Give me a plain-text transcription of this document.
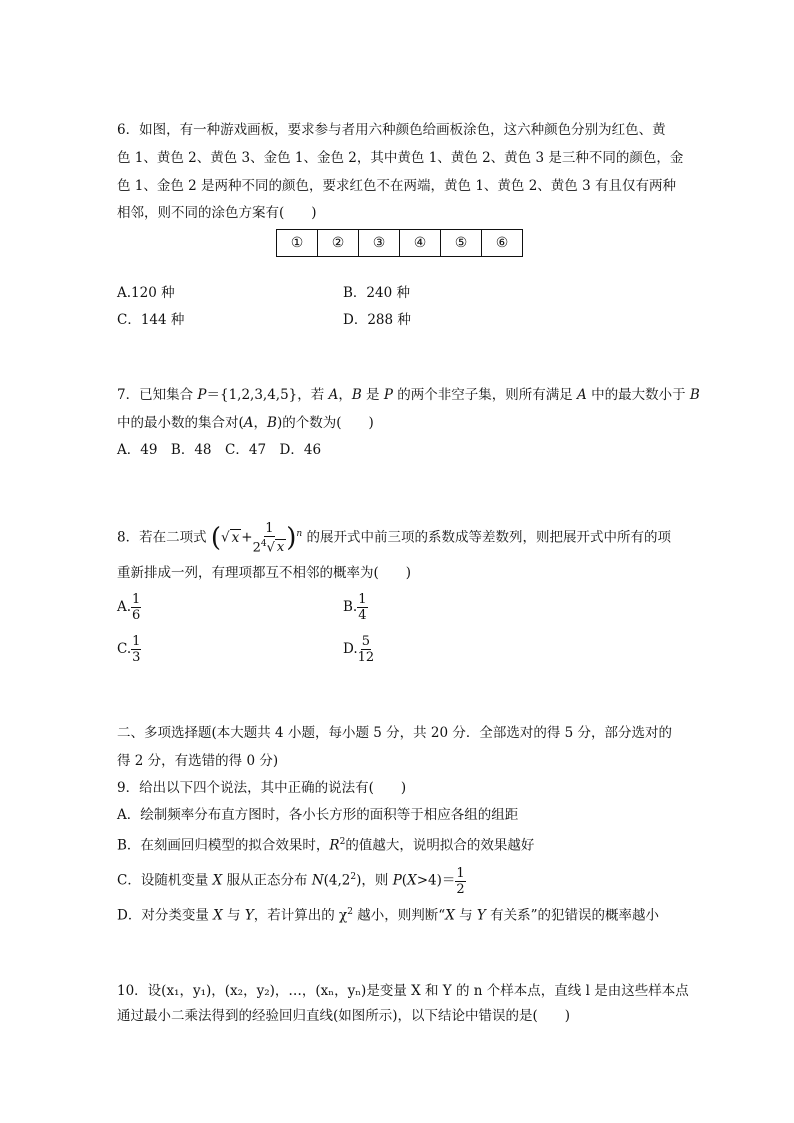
6．如图，有一种游戏画板，要求参与者用六种颜色给画板涂色，这六种颜色分别为红色、黄
色 1、黄色 2、黄色 3、金色 1、金色 2，其中黄色 1、黄色 2、黄色 3 是三种不同的颜色，金
色 1、金色 2 是两种不同的颜色，要求红色不在两端，黄色 1、黄色 2、黄色 3 有且仅有两种
相邻，则不同的涂色方案有(　　)
①	②	③	④	⑤	⑥
A.120 种	B．240 种
C．144 种	D．288 种
7．已知集合 P＝{1,2,3,4,5}，若 A，B 是 P 的两个非空子集，则所有满足 A 中的最大数小于 B
中的最小数的集合对(A，B)的个数为(　　)
A．49　B．48　C．47　D．46
8．若在二项式 (√ $x + \frac{1}{2^4√ x} )^n$ 的展开式中前三项的系数成等差数列，则把展开式中所有的项
重新排成一列，有理项都互不相邻的概率为(　　)
A. $\frac{1}{6}$	B. $\frac{1}{4}$
C. $\frac{1}{3}$	D. $\frac{5}{12}$
二、多项选择题(本大题共 4 小题，每小题 5 分，共 20 分．全部选对的得 5 分，部分选对的
得 2 分，有选错的得 0 分)
9．给出以下四个说法，其中正确的说法有(　　)
A．绘制频率分布直方图时，各小长方形的面积等于相应各组的组距
B．在刻画回归模型的拟合效果时，$R^2$的值越大，说明拟合的效果越好
C．设随机变量 X 服从正态分布 $N(4,2^2)$，则 $P(X>4)= \frac{1}{2}$
D．对分类变量 X 与 Y，若计算出的 $\chi^2$ 越小，则判断“X 与 Y 有关系”的犯错误的概率越小
10．设(x₁，y₁)，(x₂，y₂)，…，(xₙ，yₙ)是变量 X 和 Y 的 n 个样本点，直线 l 是由这些样本点
通过最小二乘法得到的经验回归直线(如图所示)，以下结论中错误的是(　　)
